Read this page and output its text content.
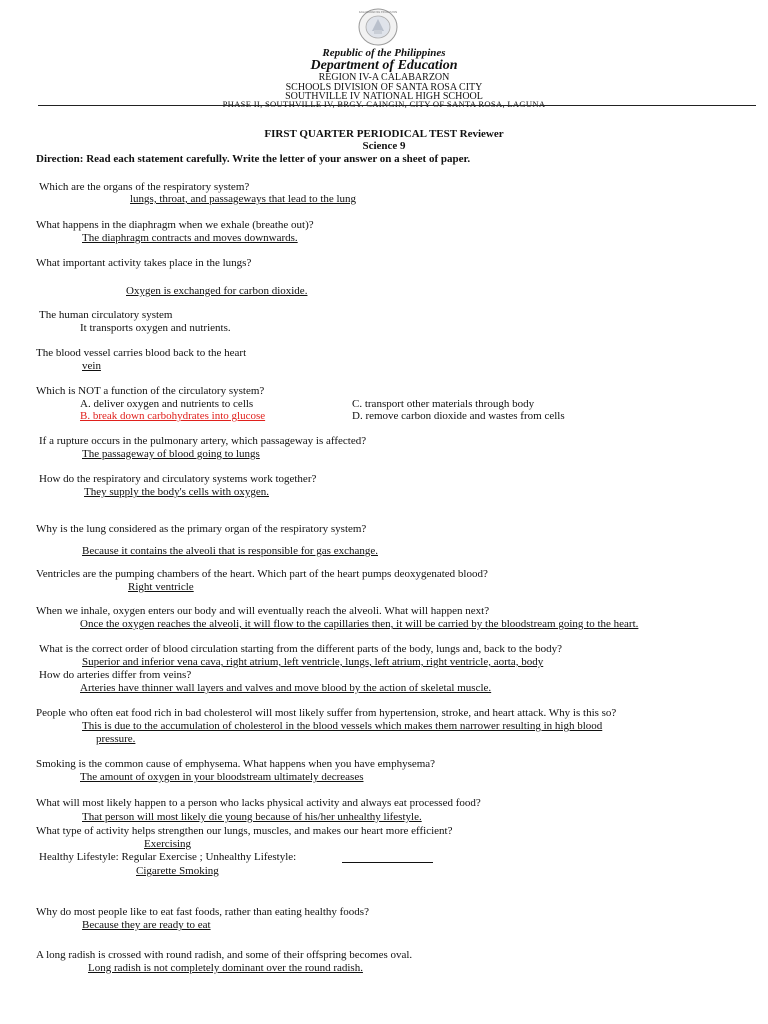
KAGAWARAN NG EDUKASYON
Republic of the Philippines
Department of Education
REGION IV-A CALABARZON
SCHOOLS DIVISION OF SANTA ROSA CITY
SOUTHVILLE IV NATIONAL HIGH SCHOOL
PHASE II, SOUTHVILLE IV, BRGY. CAINGIN, CITY OF SANTA ROSA, LAGUNA
FIRST QUARTER PERIODICAL TEST Reviewer
Science 9
Direction: Read each statement carefully. Write the letter of your answer on a sheet of paper.
Which are the organs of the respiratory system?
lungs, throat, and passageways that lead to the lung
What happens in the diaphragm when we exhale (breathe out)?
The diaphragm contracts and moves downwards.
What important activity takes place in the lungs?
Oxygen is exchanged for carbon dioxide.
The human circulatory system
It transports oxygen and nutrients.
The blood vessel carries blood back to the heart
vein
Which is NOT a function of the circulatory system?
A. deliver oxygen and nutrients to cells
B. break down carbohydrates into glucose
C. transport other materials through body
D. remove carbon dioxide and wastes from cells
If a rupture occurs in the pulmonary artery, which passageway is affected?
The passageway of blood going to lungs
How do the respiratory and circulatory systems work together?
They supply the body's cells with oxygen.
Why is the lung considered as the primary organ of the respiratory system?
Because it contains the alveoli that is responsible for gas exchange.
Ventricles are the pumping chambers of the heart. Which part of the heart pumps deoxygenated blood?
Right ventricle
When we inhale, oxygen enters our body and will eventually reach the alveoli. What will happen next?
Once the oxygen reaches the alveoli, it will flow to the capillaries then, it will be carried by the bloodstream going to the heart.
What is the correct order of blood circulation starting from the different parts of the body, lungs and, back to the body?
Superior and inferior vena cava, right atrium, left ventricle, lungs, left atrium, right ventricle, aorta, body
How do arteries differ from veins?
Arteries have thinner wall layers and valves and move blood by the action of skeletal muscle.
People who often eat food rich in bad cholesterol will most likely suffer from hypertension, stroke, and heart attack. Why is this so?
This is due to the accumulation of cholesterol in the blood vessels which makes them narrower resulting in high blood
pressure.
Smoking is the common cause of emphysema. What happens when you have emphysema?
The amount of oxygen in your bloodstream ultimately decreases
What will most likely happen to a person who lacks physical activity and always eat processed food?
That person will most likely die young because of his/her unhealthy lifestyle.
What type of activity helps strengthen our lungs, muscles, and makes our heart more efficient?
Exercising
Healthy Lifestyle: Regular Exercise ; Unhealthy Lifestyle:
Cigarette Smoking
Why do most people like to eat fast foods, rather than eating healthy foods?
Because they are ready to eat
A long radish is crossed with round radish, and some of their offspring becomes oval.
Long radish is not completely dominant over the round radish.
